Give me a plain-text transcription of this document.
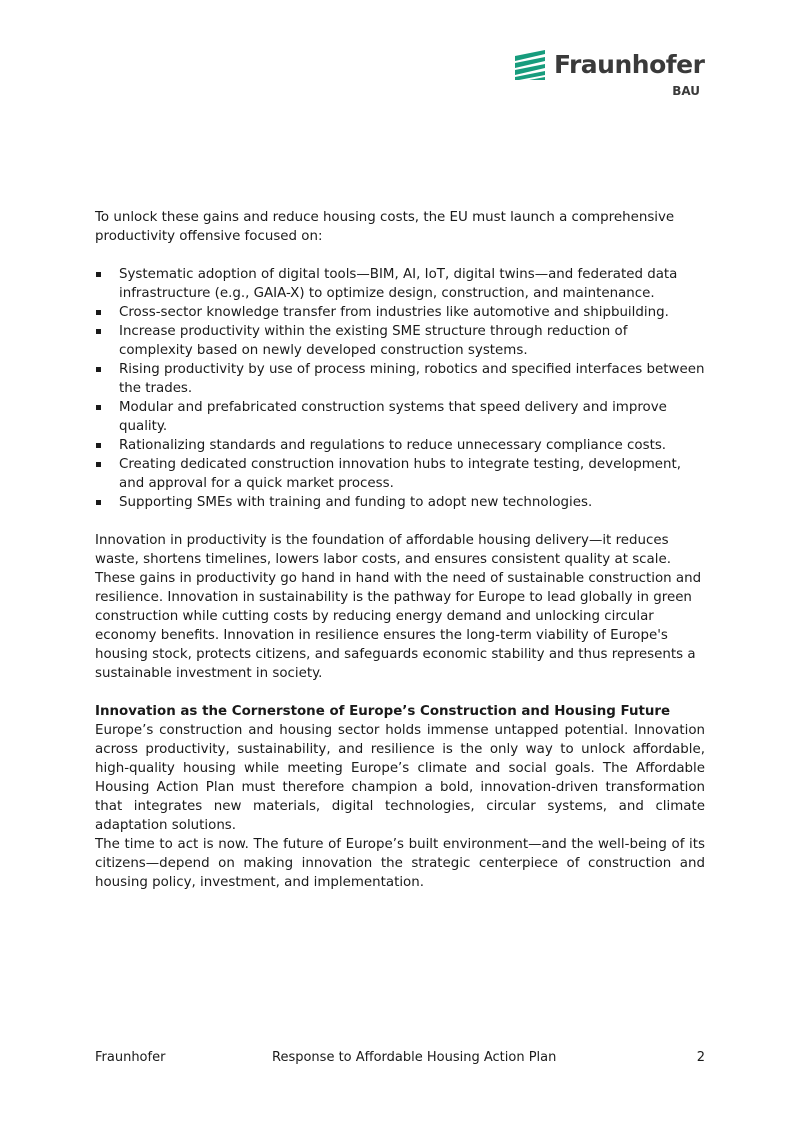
Fraunhofer
BAU

To unlock these gains and reduce housing costs, the EU must launch a comprehensive productivity offensive focused on:

Systematic adoption of digital tools—BIM, AI, IoT, digital twins—and federated data infrastructure (e.g., GAIA-X) to optimize design, construction, and maintenance.
Cross-sector knowledge transfer from industries like automotive and shipbuilding.
Increase productivity within the existing SME structure through reduction of complexity based on newly developed construction systems.
Rising productivity by use of process mining, robotics and specified interfaces between the trades.
Modular and prefabricated construction systems that speed delivery and improve quality.
Rationalizing standards and regulations to reduce unnecessary compliance costs.
Creating dedicated construction innovation hubs to integrate testing, development, and approval for a quick market process.
Supporting SMEs with training and funding to adopt new technologies.

Innovation in productivity is the foundation of affordable housing delivery—it reduces waste, shortens timelines, lowers labor costs, and ensures consistent quality at scale. These gains in productivity go hand in hand with the need of sustainable construction and resilience. Innovation in sustainability is the pathway for Europe to lead globally in green construction while cutting costs by reducing energy demand and unlocking circular economy benefits. Innovation in resilience ensures the long-term viability of Europe's housing stock, protects citizens, and safeguards economic stability and thus represents a sustainable investment in society.

Innovation as the Cornerstone of Europe’s Construction and Housing Future

Europe’s construction and housing sector holds immense untapped potential. Innovation across productivity, sustainability, and resilience is the only way to unlock affordable, high-quality housing while meeting Europe’s climate and social goals. The Affordable Housing Action Plan must therefore champion a bold, innovation-driven transformation that integrates new materials, digital technologies, circular systems, and climate adaptation solutions.

The time to act is now. The future of Europe’s built environment—and the well-being of its citizens—depend on making innovation the strategic centerpiece of construction and housing policy, investment, and implementation.

Fraunhofer	Response to Affordable Housing Action Plan	2
